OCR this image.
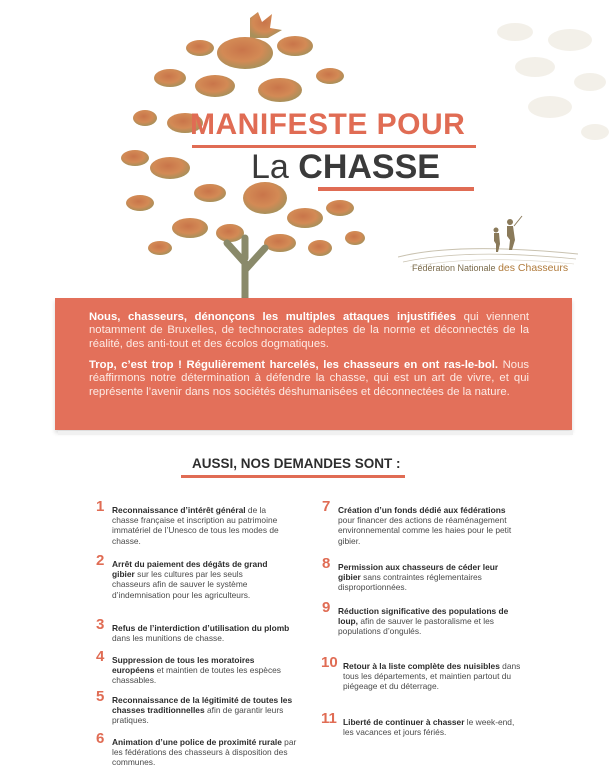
MANIFESTE POUR
La CHASSE
Fédération Nationale des Chasseurs

Nous, chasseurs, dénonçons les multiples attaques injustifiées qui viennent notamment de Bruxelles, de technocrates adeptes de la norme et déconnectés de la réalité, des anti-tout et des écolos dogmatiques.

Trop, c’est trop ! Régulièrement harcelés, les chasseurs en ont ras-le-bol. Nous réaffirmons notre détermination à défendre la chasse, qui est un art de vivre, et qui représente l’avenir dans nos sociétés déshumanisées et déconnectées de la nature.

AUSSI, NOS DEMANDES SONT :
1 Reconnaissance d’intérêt général de la chasse française et inscription au patrimoine immatériel de l’Unesco de tous les modes de chasse.
2 Arrêt du paiement des dégâts de grand gibier sur les cultures par les seuls chasseurs afin de sauver le système d’indemnisation pour les agriculteurs.
3 Refus de l’interdiction d’utilisation du plomb dans les munitions de chasse.
4 Suppression de tous les moratoires européens et maintien de toutes les espèces chassables.
5 Reconnaissance de la légitimité de toutes les chasses traditionnelles afin de garantir leurs pratiques.
6 Animation d’une police de proximité rurale par les fédérations des chasseurs à disposition des communes.
7 Création d’un fonds dédié aux fédérations pour financer des actions de réaménagement environnemental comme les haies pour le petit gibier.
8 Permission aux chasseurs de céder leur gibier sans contraintes réglementaires disproportionnées.
9 Réduction significative des populations de loup, afin de sauver le pastoralisme et les populations d’ongulés.
10 Retour à la liste complète des nuisibles dans tous les départements, et maintien partout du piégeage et du déterrage.
11 Liberté de continuer à chasser le week-end, les vacances et jours fériés.
